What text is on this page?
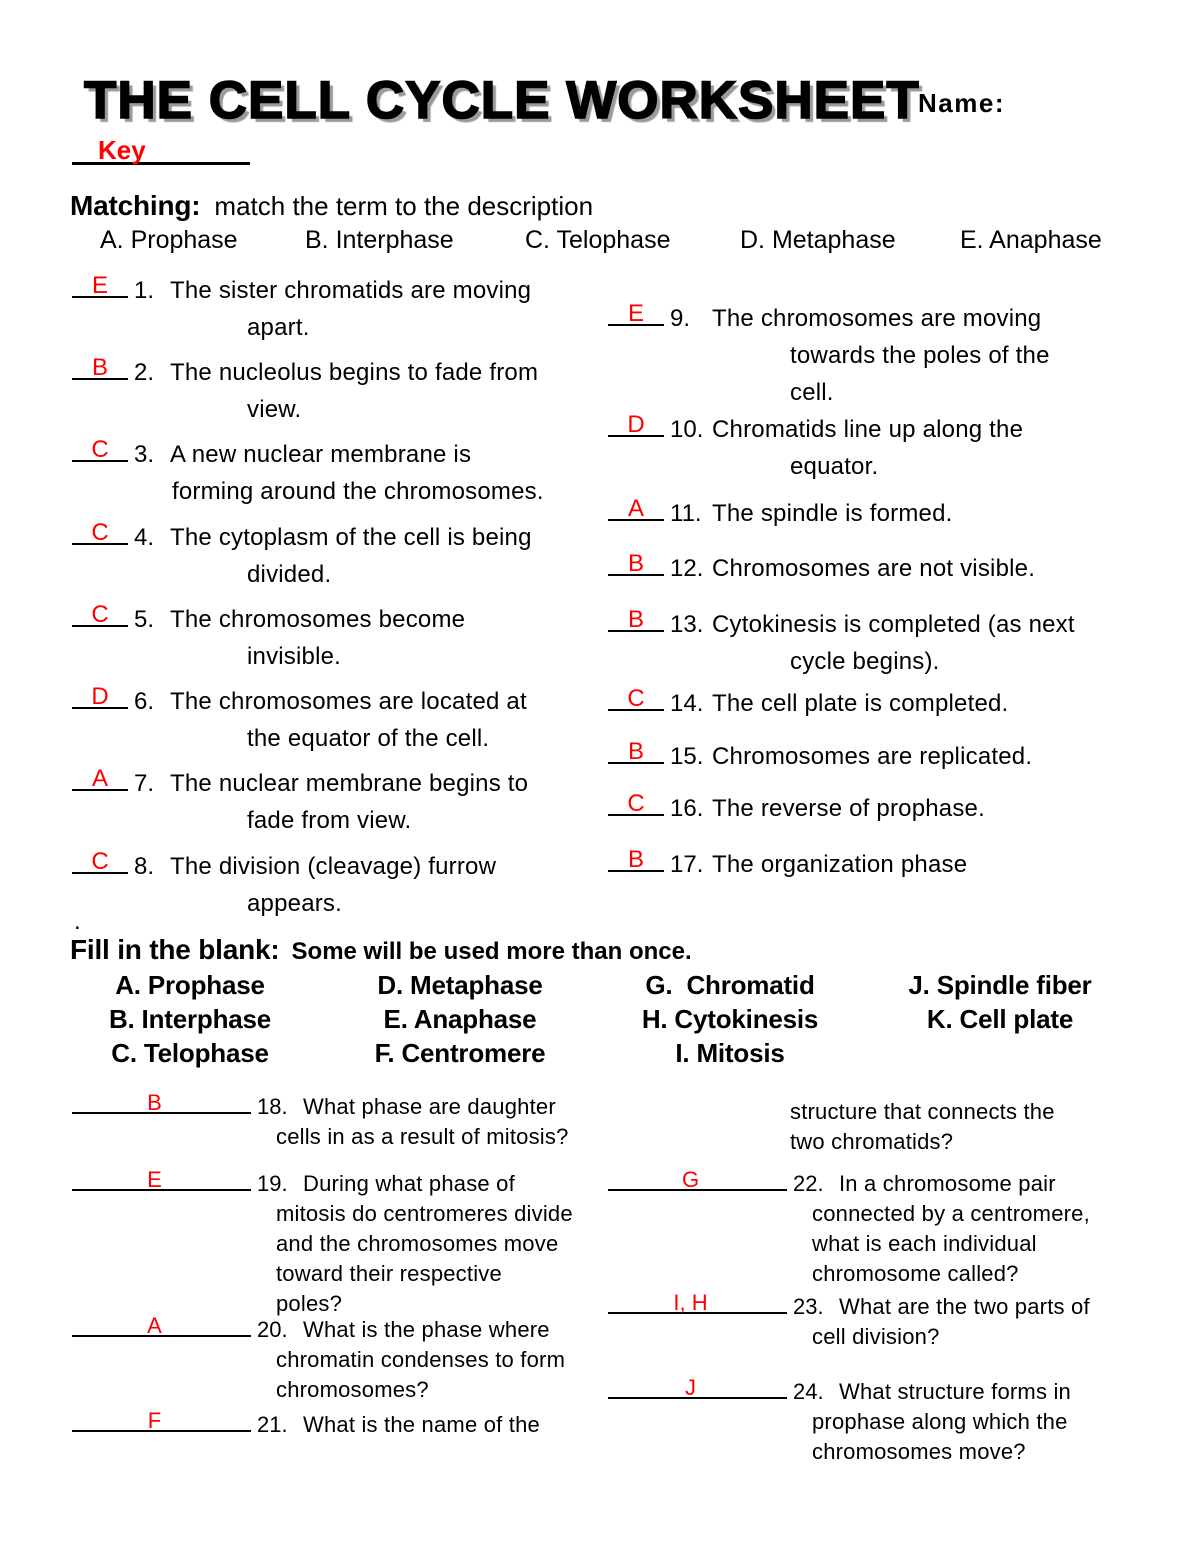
THE CELL CYCLE WORKSHEET
Name:
Key
Matching: match the term to the description
A. Prophase	B. Interphase	C. Telophase	D. Metaphase	E. Anaphase
E 1. The sister chromatids are moving
apart.
B 2. The nucleolus begins to fade from
view.
C 3. A new nuclear membrane is
forming around the chromosomes.
C 4. The cytoplasm of the cell is being
divided.
C 5. The chromosomes become
invisible.
D 6. The chromosomes are located at
the equator of the cell.
A 7. The nuclear membrane begins to
fade from view.
C 8. The division (cleavage) furrow
appears.
E 9. The chromosomes are moving
towards the poles of the
cell.
D 10. Chromatids line up along the
equator.
A 11. The spindle is formed.
B 12. Chromosomes are not visible.
B 13. Cytokinesis is completed (as next
cycle begins).
C 14. The cell plate is completed.
B 15. Chromosomes are replicated.
C 16. The reverse of prophase.
B 17. The organization phase
B	18. What phase are daughter
cells in as a result of mitosis?
E	19. During what phase of
mitosis do centromeres divide
and the chromosomes move
toward their respective
poles?
A	20. What is the phase where
chromatin condenses to form
chromosomes?
F	21. What is the name of the
G	22. In a chromosome pair
connected by a centromere,
what is each individual
chromosome called?
I, H	23. What are the two parts of
cell division?
J	24. What structure forms in
prophase along which the
chromosomes move?
.
Fill in the blank: Some will be used more than once.
A. Prophase	D. Metaphase	G.  Chromatid	J. Spindle fiber
B. Interphase	E. Anaphase	H. Cytokinesis	K. Cell plate
C. Telophase	F. Centromere	I. Mitosis
structure that connects the
two chromatids?
